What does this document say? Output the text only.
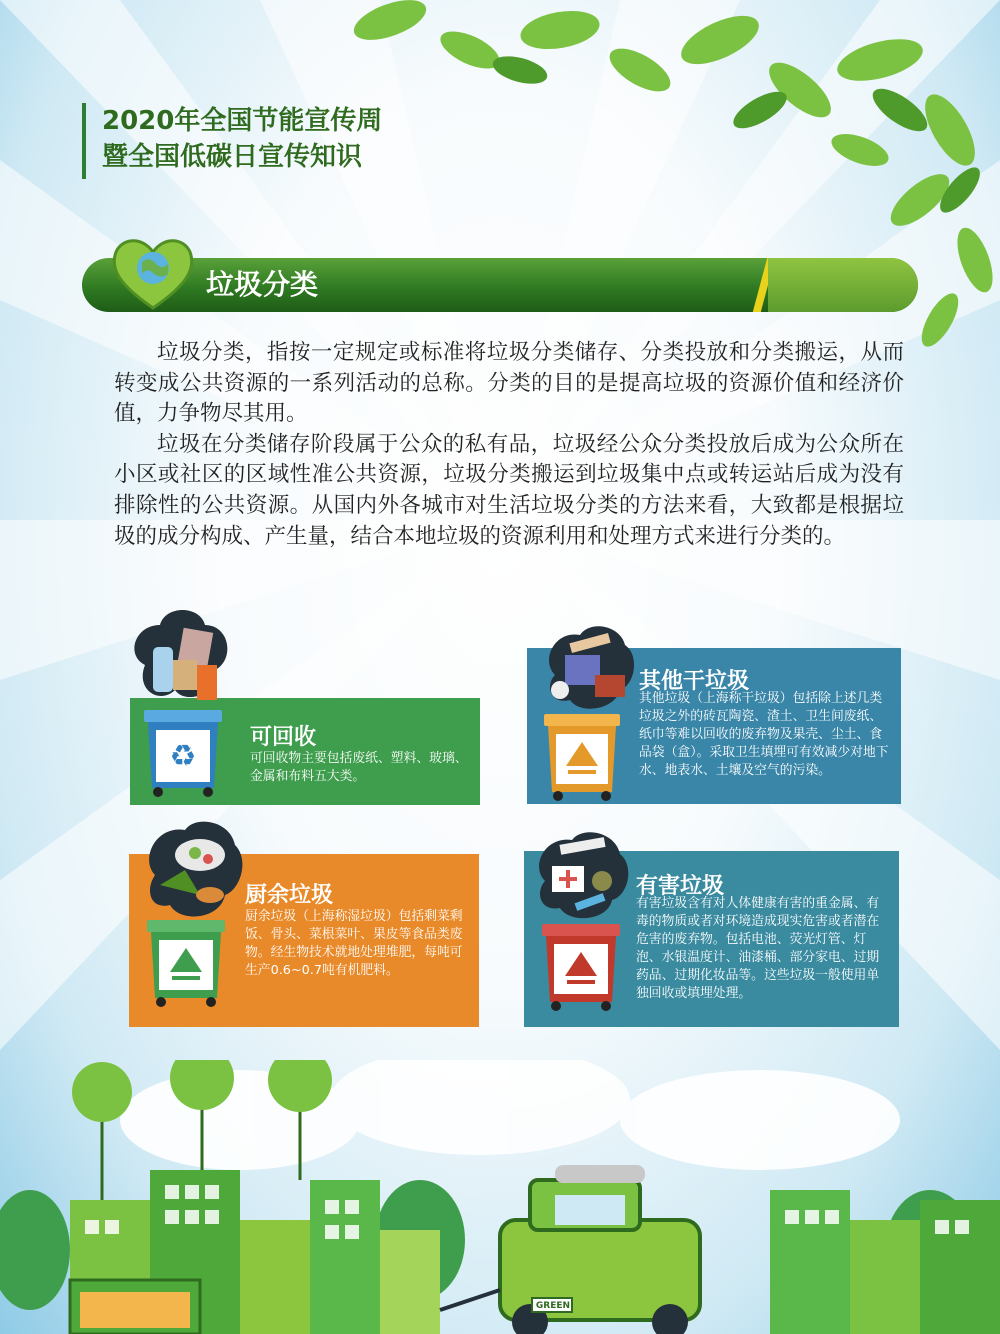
2020年全国节能宣传周
暨全国低碳日宣传知识
垃圾分类

垃圾分类，指按一定规定或标准将垃圾分类储存、分类投放和分类搬运，从而转变成公共资源的一系列活动的总称。分类的目的是提高垃圾的资源价值和经济价值，力争物尽其用。

垃圾在分类储存阶段属于公众的私有品，垃圾经公众分类投放后成为公众所在小区或社区的区域性准公共资源，垃圾分类搬运到垃圾集中点或转运站后成为没有排除性的公共资源。从国内外各城市对生活垃圾分类的方法来看，大致都是根据垃圾的成分构成、产生量，结合本地垃圾的资源利用和处理方式来进行分类的。

可回收
可回收物主要包括废纸、塑料、玻璃、金属和布料五大类。
♻
其他干垃圾
其他垃圾（上海称干垃圾）包括除上述几类垃圾之外的砖瓦陶瓷、渣土、卫生间废纸、纸巾等难以回收的废弃物及果壳、尘土、食品袋（盒）。采取卫生填埋可有效减少对地下水、地表水、土壤及空气的污染。
厨余垃圾
厨余垃圾（上海称湿垃圾）包括剩菜剩饭、骨头、菜根菜叶、果皮等食品类废物。经生物技术就地处理堆肥，每吨可生产0.6~0.7吨有机肥料。
有害垃圾
有害垃圾含有对人体健康有害的重金属、有毒的物质或者对环境造成现实危害或者潜在危害的废弃物。包括电池、荧光灯管、灯泡、水银温度计、油漆桶、部分家电、过期药品、过期化妆品等。这些垃圾一般使用单独回收或填埋处理。
GREEN
